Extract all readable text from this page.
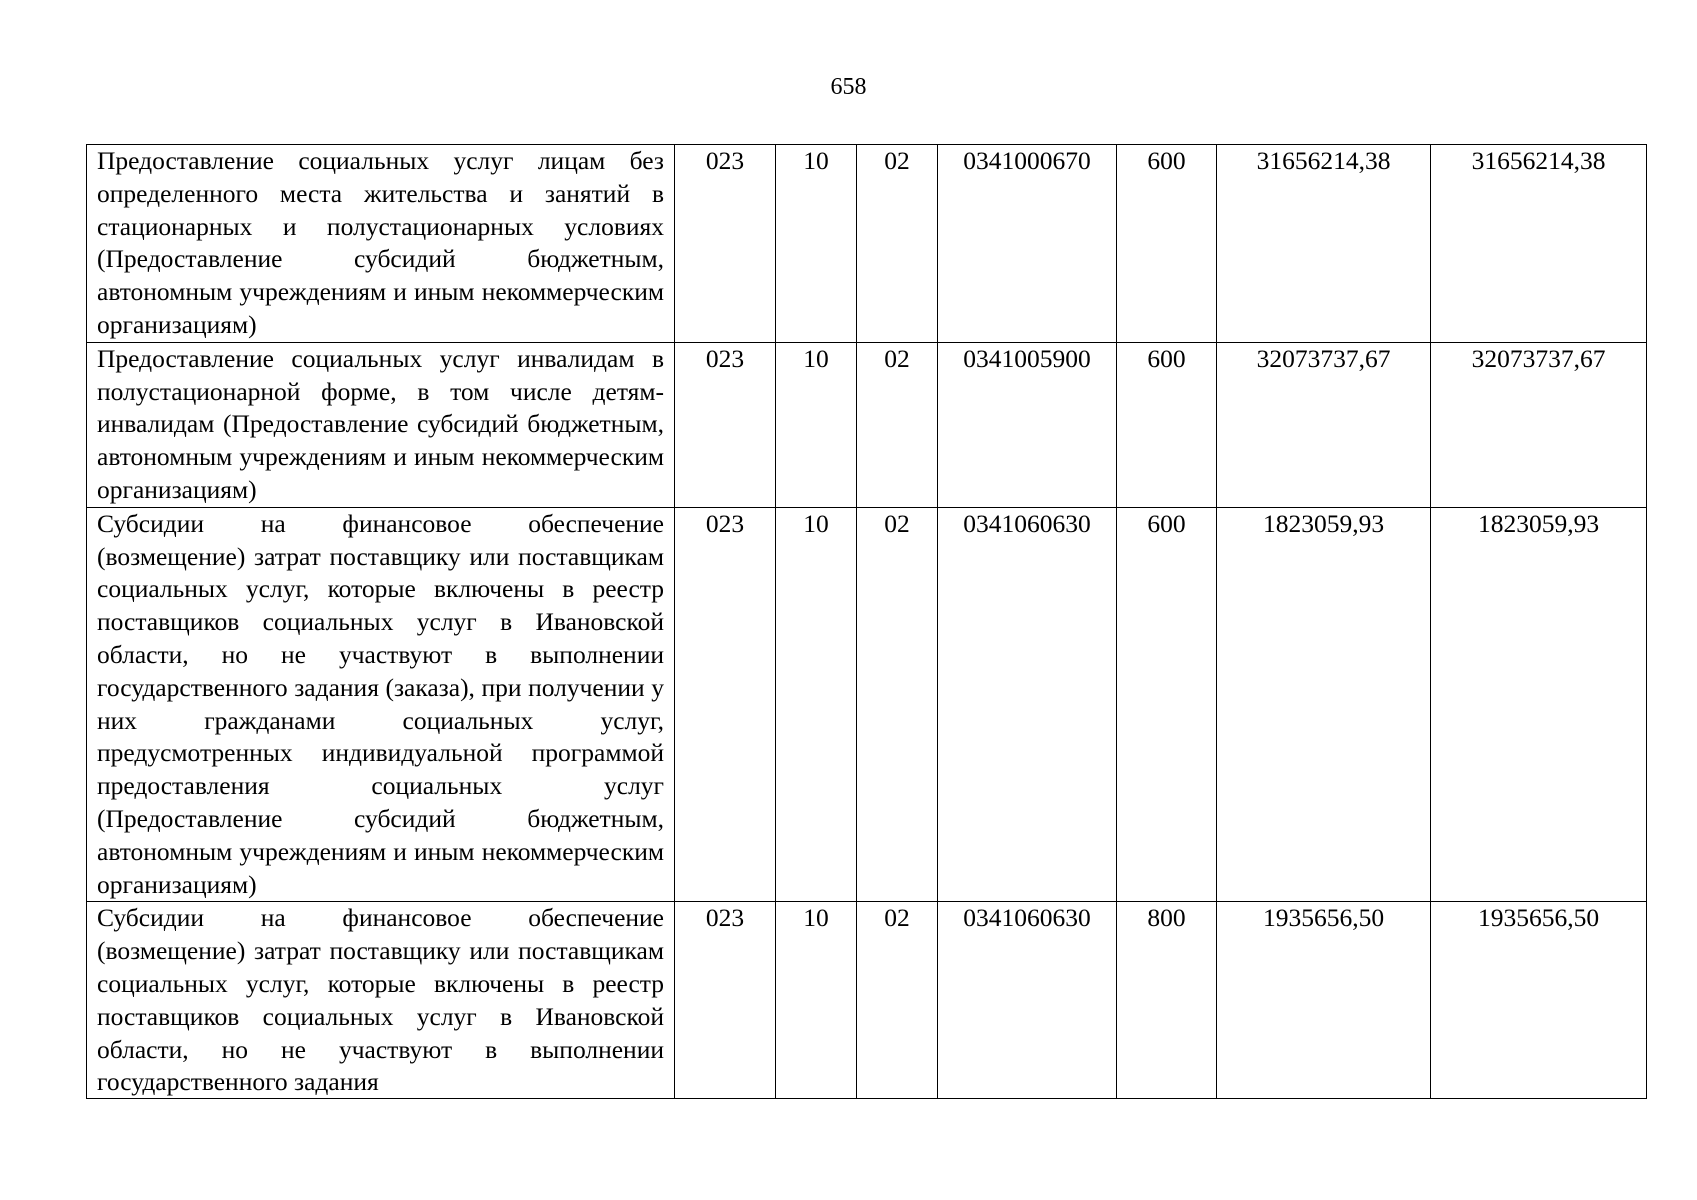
658
Предоставление социальных услуг лицам без определенного места жительства и занятий в стационарных и полустационарных условиях (Предоставление субсидий бюджетным, автономным учреждениям и иным некоммерческим организациям)	023	10	02	0341000670	600	31656214,38	31656214,38
Предоставление социальных услуг инвалидам в полустационарной форме, в том числе детям-инвалидам (Предоставление субсидий бюджетным, автономным учреждениям и иным некоммерческим организациям)	023	10	02	0341005900	600	32073737,67	32073737,67
Субсидии на финансовое обеспечение (возмещение) затрат поставщику или поставщикам социальных услуг, которые включены в реестр поставщиков социальных услуг в Ивановской области, но не участвуют в выполнении государственного задания (заказа), при получении у них гражданами социальных услуг, предусмотренных индивидуальной программой предоставления социальных услуг (Предоставление субсидий бюджетным, автономным учреждениям и иным некоммерческим организациям)	023	10	02	0341060630	600	1823059,93	1823059,93

Субсидии на финансовое обеспечение (возмещение) затрат поставщику или поставщикам социальных услуг, которые включены в реестр поставщиков социальных услуг в Ивановской области, но не участвуют в выполнении государственного задания	023	10	02	0341060630	800	1935656,50	1935656,50
